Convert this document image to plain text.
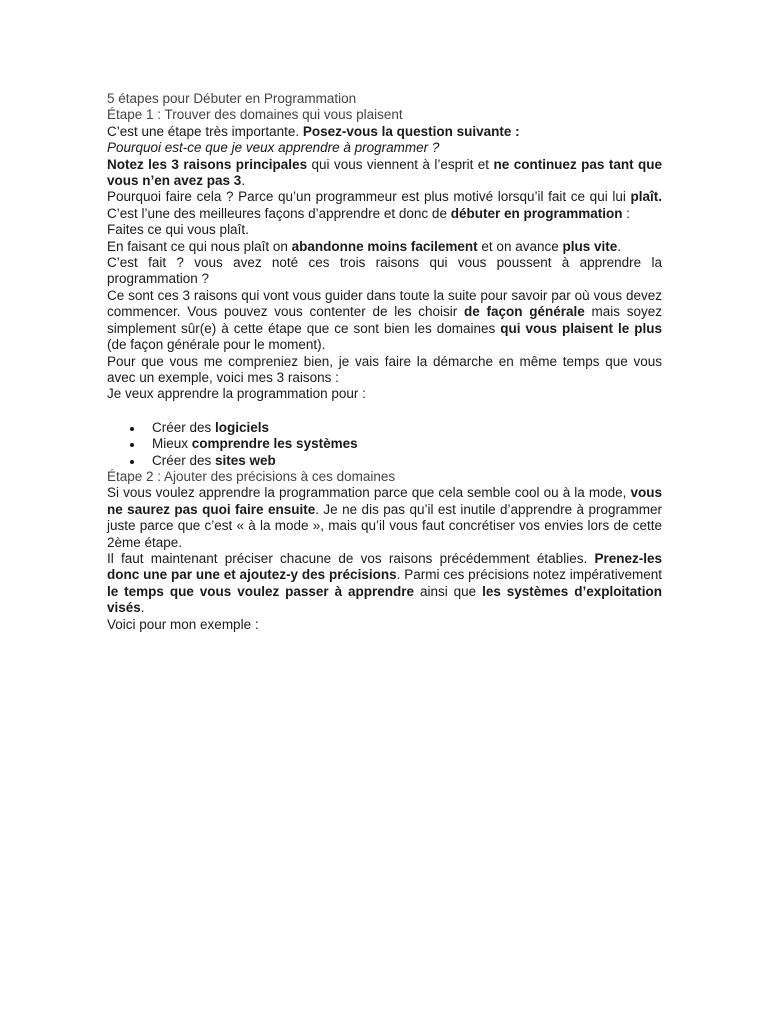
5 étapes pour Débuter en Programmation

Étape 1 : Trouver des domaines qui vous plaisent

C’est une étape très importante. Posez-vous la question suivante :

Pourquoi est-ce que je veux apprendre à programmer ?

Notez les 3 raisons principales qui vous viennent à l’esprit et ne continuez pas tant que vous n’en avez pas 3.

Pourquoi faire cela ? Parce qu’un programmeur est plus motivé lorsqu’il fait ce qui lui plaît. C’est l’une des meilleures façons d’apprendre et donc de débuter en programmation :

Faites ce qui vous plaît.

En faisant ce qui nous plaît on abandonne moins facilement et on avance plus vite.

C’est fait ? vous avez noté ces trois raisons qui vous poussent à apprendre la programmation ?

Ce sont ces 3 raisons qui vont vous guider dans toute la suite pour savoir par où vous devez commencer. Vous pouvez vous contenter de les choisir de façon générale mais soyez simplement sûr(e) à cette étape que ce sont bien les domaines qui vous plaisent le plus (de façon générale pour le moment).

Pour que vous me compreniez bien, je vais faire la démarche en même temps que vous avec un exemple, voici mes 3 raisons :

Je veux apprendre la programmation pour :

Créer des logiciels
Mieux comprendre les systèmes
Créer des sites web

Étape 2 : Ajouter des précisions à ces domaines

Si vous voulez apprendre la programmation parce que cela semble cool ou à la mode, vous ne saurez pas quoi faire ensuite. Je ne dis pas qu’il est inutile d’apprendre à programmer juste parce que c’est « à la mode », mais qu’il vous faut concrétiser vos envies lors de cette 2ème étape.

Il faut maintenant préciser chacune de vos raisons précédemment établies. Prenez-les donc une par une et ajoutez-y des précisions. Parmi ces précisions notez impérativement le temps que vous voulez passer à apprendre ainsi que les systèmes d’exploitation visés.

Voici pour mon exemple :
